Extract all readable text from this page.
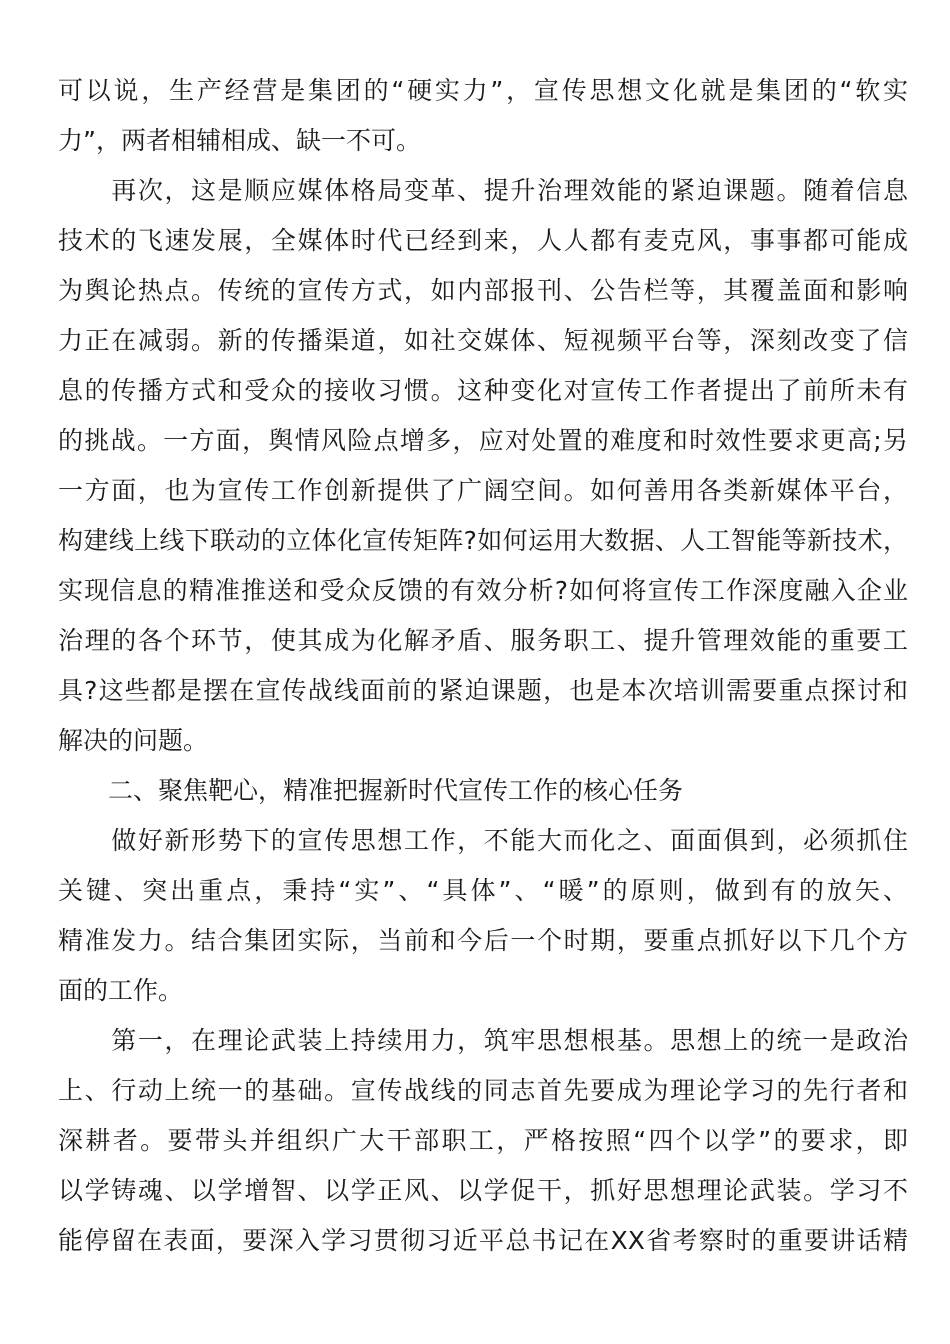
可以说，生产经营是集团的“硬实力”，宣传思想文化就是集团的“软实
力”，两者相辅相成、缺一不可。
　　再次，这是顺应媒体格局变革、提升治理效能的紧迫课题。随着信息
技术的飞速发展，全媒体时代已经到来，人人都有麦克风，事事都可能成
为舆论热点。传统的宣传方式，如内部报刊、公告栏等，其覆盖面和影响
力正在减弱。新的传播渠道，如社交媒体、短视频平台等，深刻改变了信
息的传播方式和受众的接收习惯。这种变化对宣传工作者提出了前所未有
的挑战。一方面，舆情风险点增多，应对处置的难度和时效性要求更高;另
一方面，也为宣传工作创新提供了广阔空间。如何善用各类新媒体平台，
构建线上线下联动的立体化宣传矩阵?如何运用大数据、人工智能等新技术，
实现信息的精准推送和受众反馈的有效分析?如何将宣传工作深度融入企业
治理的各个环节，使其成为化解矛盾、服务职工、提升管理效能的重要工
具?这些都是摆在宣传战线面前的紧迫课题，也是本次培训需要重点探讨和
解决的问题。
　　二、聚焦靶心，精准把握新时代宣传工作的核心任务
　　做好新形势下的宣传思想工作，不能大而化之、面面俱到，必须抓住
关键、突出重点，秉持“实”、“具体”、“暖”的原则，做到有的放矢、
精准发力。结合集团实际，当前和今后一个时期，要重点抓好以下几个方
面的工作。
　　第一，在理论武装上持续用力，筑牢思想根基。思想上的统一是政治
上、行动上统一的基础。宣传战线的同志首先要成为理论学习的先行者和
深耕者。要带头并组织广大干部职工，严格按照“四个以学”的要求，即
以学铸魂、以学增智、以学正风、以学促干，抓好思想理论武装。学习不
能停留在表面，要深入学习贯彻习近平总书记在XX省考察时的重要讲话精
